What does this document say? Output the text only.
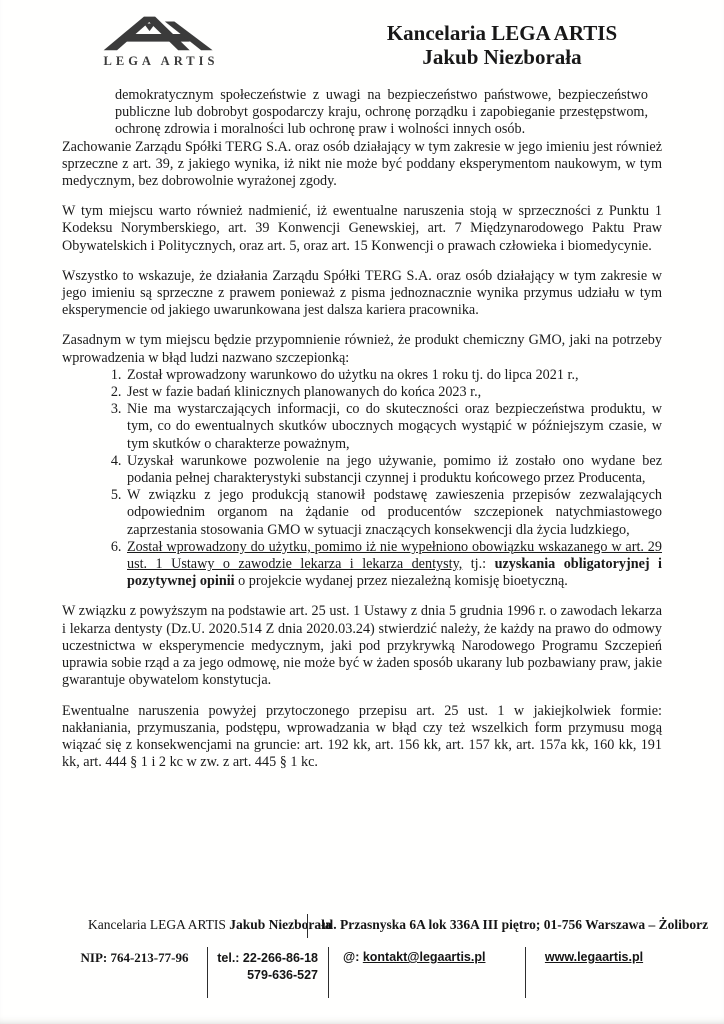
LEGA ARTIS
Kancelaria LEGA ARTIS
Jakub Niezborała

demokratycznym społeczeństwie z uwagi na bezpieczeństwo państwowe, bezpieczeństwo publiczne lub dobrobyt gospodarczy kraju, ochronę porządku i zapobieganie przestępstwom, ochronę zdrowia i moralności lub ochronę praw i wolności innych osób.

Zachowanie Zarządu Spółki TERG S.A. oraz osób działający w tym zakresie w jego imieniu jest również sprzeczne z art. 39, z jakiego wynika, iż nikt nie może być poddany eksperymentom naukowym, w tym medycznym, bez dobrowolnie wyrażonej zgody.

W tym miejscu warto również nadmienić, iż ewentualne naruszenia stoją w sprzeczności z Punktu 1 Kodeksu Norymberskiego, art. 39 Konwencji Genewskiej, art. 7 Międzynarodowego Paktu Praw Obywatelskich i Politycznych, oraz art. 5, oraz art. 15 Konwencji o prawach człowieka i biomedycynie.

Wszystko to wskazuje, że działania Zarządu Spółki TERG S.A. oraz osób działający w tym zakresie w jego imieniu są sprzeczne z prawem ponieważ z pisma jednoznacznie wynika przymus udziału w tym eksperymencie od jakiego uwarunkowana jest dalsza kariera pracownika.

Zasadnym w tym miejscu będzie przypomnienie również, że produkt chemiczny GMO, jaki na potrzeby wprowadzenia w błąd ludzi nazwano szczepionką:

1. Został wprowadzony warunkowo do użytku na okres 1 roku tj. do lipca 2021 r.,
2. Jest w fazie badań klinicznych planowanych do końca 2023 r.,
3. Nie ma wystarczających informacji, co do skuteczności oraz bezpieczeństwa produktu, w tym, co do ewentualnych skutków ubocznych mogących wystąpić w późniejszym czasie, w tym skutków o charakterze poważnym,
4. Uzyskał warunkowe pozwolenie na jego używanie, pomimo iż zostało ono wydane bez podania pełnej charakterystyki substancji czynnej i produktu końcowego przez Producenta,
5. W związku z jego produkcją stanowił podstawę zawieszenia przepisów zezwalających odpowiednim organom na żądanie od producentów szczepionek natychmiastowego zaprzestania stosowania GMO w sytuacji znaczących konsekwencji dla życia ludzkiego,
6. Został wprowadzony do użytku, pomimo iż nie wypełniono obowiązku wskazanego w art. 29 ust. 1 Ustawy o zawodzie lekarza i lekarza dentysty, tj.: uzyskania obligatoryjnej i pozytywnej opinii o projekcie wydanej przez niezależną komisję bioetyczną.

W związku z powyższym na podstawie art. 25 ust. 1 Ustawy z dnia 5 grudnia 1996 r. o zawodach lekarza i lekarza dentysty (Dz.U. 2020.514 Z dnia 2020.03.24) stwierdzić należy, że każdy na prawo do odmowy uczestnictwa w eksperymencie medycznym, jaki pod przykrywką Narodowego Programu Szczepień uprawia sobie rząd a za jego odmowę, nie może być w żaden sposób ukarany lub pozbawiany praw, jakie gwarantuje obywatelom konstytucja.

Ewentualne naruszenia powyżej przytoczonego przepisu art. 25 ust. 1 w jakiejkolwiek formie: nakłaniania, przymuszania, podstępu, wprowadzania w błąd czy też wszelkich form przymusu mogą wiązać się z konsekwencjami na gruncie: art. 192 kk, art. 156 kk, art. 157 kk, art. 157a kk, 160 kk, 191 kk, art. 444 § 1 i 2 kc w zw. z art. 445 § 1 kc.

Kancelaria LEGA ARTIS Jakub Niezborała
ul. Przasnyska 6A lok 336A III piętro; 01-756 Warszawa – Żoliborz
NIP: 764-213-77-96	tel.: 22-266-86-18
579-636-527
@: kontakt@legaartis.pl	www.legaartis.pl
